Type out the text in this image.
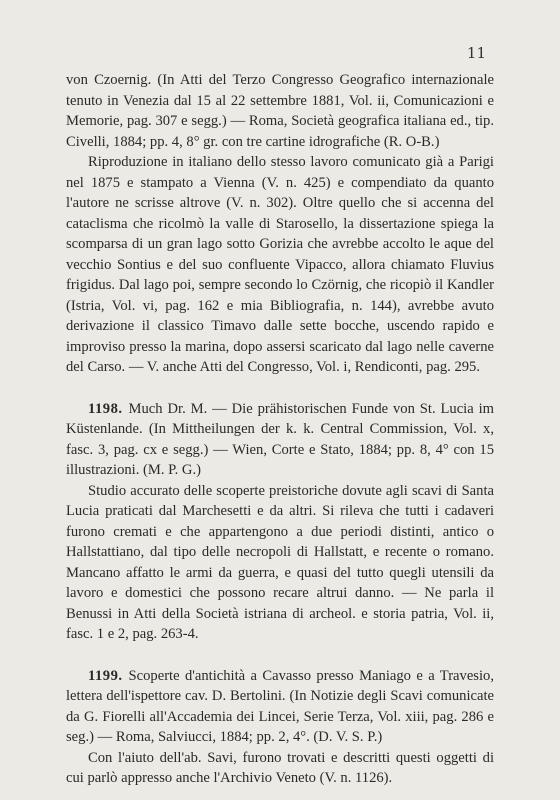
11

von Czoernig. (In Atti del Terzo Congresso Geografico internazionale tenuto in Venezia dal 15 al 22 settembre 1881, Vol. ii, Comunicazioni e Memorie, pag. 307 e segg.) — Roma, Società geografica italiana ed., tip. Civelli, 1884; pp. 4, 8° gr. con tre cartine idrografiche (R. O-B.)

Riproduzione in italiano dello stesso lavoro comunicato già a Parigi nel 1875 e stampato a Vienna (V. n. 425) e compendiato da quanto l'autore ne scrisse altrove (V. n. 302). Oltre quello che si accenna del cataclisma che ricolmò la valle di Starosello, la dissertazione spiega la scomparsa di un gran lago sotto Gorizia che avrebbe accolto le aque del vecchio Sontius e del suo confluente Vipacco, allora chiamato Fluvius frigidus. Dal lago poi, sempre secondo lo Czörnig, che ricopiò il Kandler (Istria, Vol. vi, pag. 162 e mia Bibliografia, n. 144), avrebbe avuto derivazione il classico Timavo dalle sette bocche, uscendo rapido e improviso presso la marina, dopo assersi scaricato dal lago nelle caverne del Carso. — V. anche Atti del Congresso, Vol. i, Rendiconti, pag. 295.

1198. Much Dr. M. — Die prähistorischen Funde von St. Lucia im Küstenlande. (In Mittheilungen der k. k. Central Commission, Vol. x, fasc. 3, pag. cx e segg.) — Wien, Corte e Stato, 1884; pp. 8, 4° con 15 illustrazioni. (M. P. G.)

Studio accurato delle scoperte preistoriche dovute agli scavi di Santa Lucia praticati dal Marchesetti e da altri. Si rileva che tutti i cadaveri furono cremati e che appartengono a due periodi distinti, antico o Hallstattiano, dal tipo delle necropoli di Hallstatt, e recente o romano. Mancano affatto le armi da guerra, e quasi del tutto quegli utensili da lavoro e domestici che possono recare altrui danno. — Ne parla il Benussi in Atti della Società istriana di archeol. e storia patria, Vol. ii, fasc. 1 e 2, pag. 263-4.

1199. Scoperte d'antichità a Cavasso presso Maniago e a Travesio, lettera dell'ispettore cav. D. Bertolini. (In Notizie degli Scavi comunicate da G. Fiorelli all'Accademia dei Lincei, Serie Terza, Vol. xiii, pag. 286 e seg.) — Roma, Salviucci, 1884; pp. 2, 4°. (D. V. S. P.)

Con l'aiuto dell'ab. Savi, furono trovati e descritti questi oggetti di cui parlò appresso anche l'Archivio Veneto (V. n. 1126).
